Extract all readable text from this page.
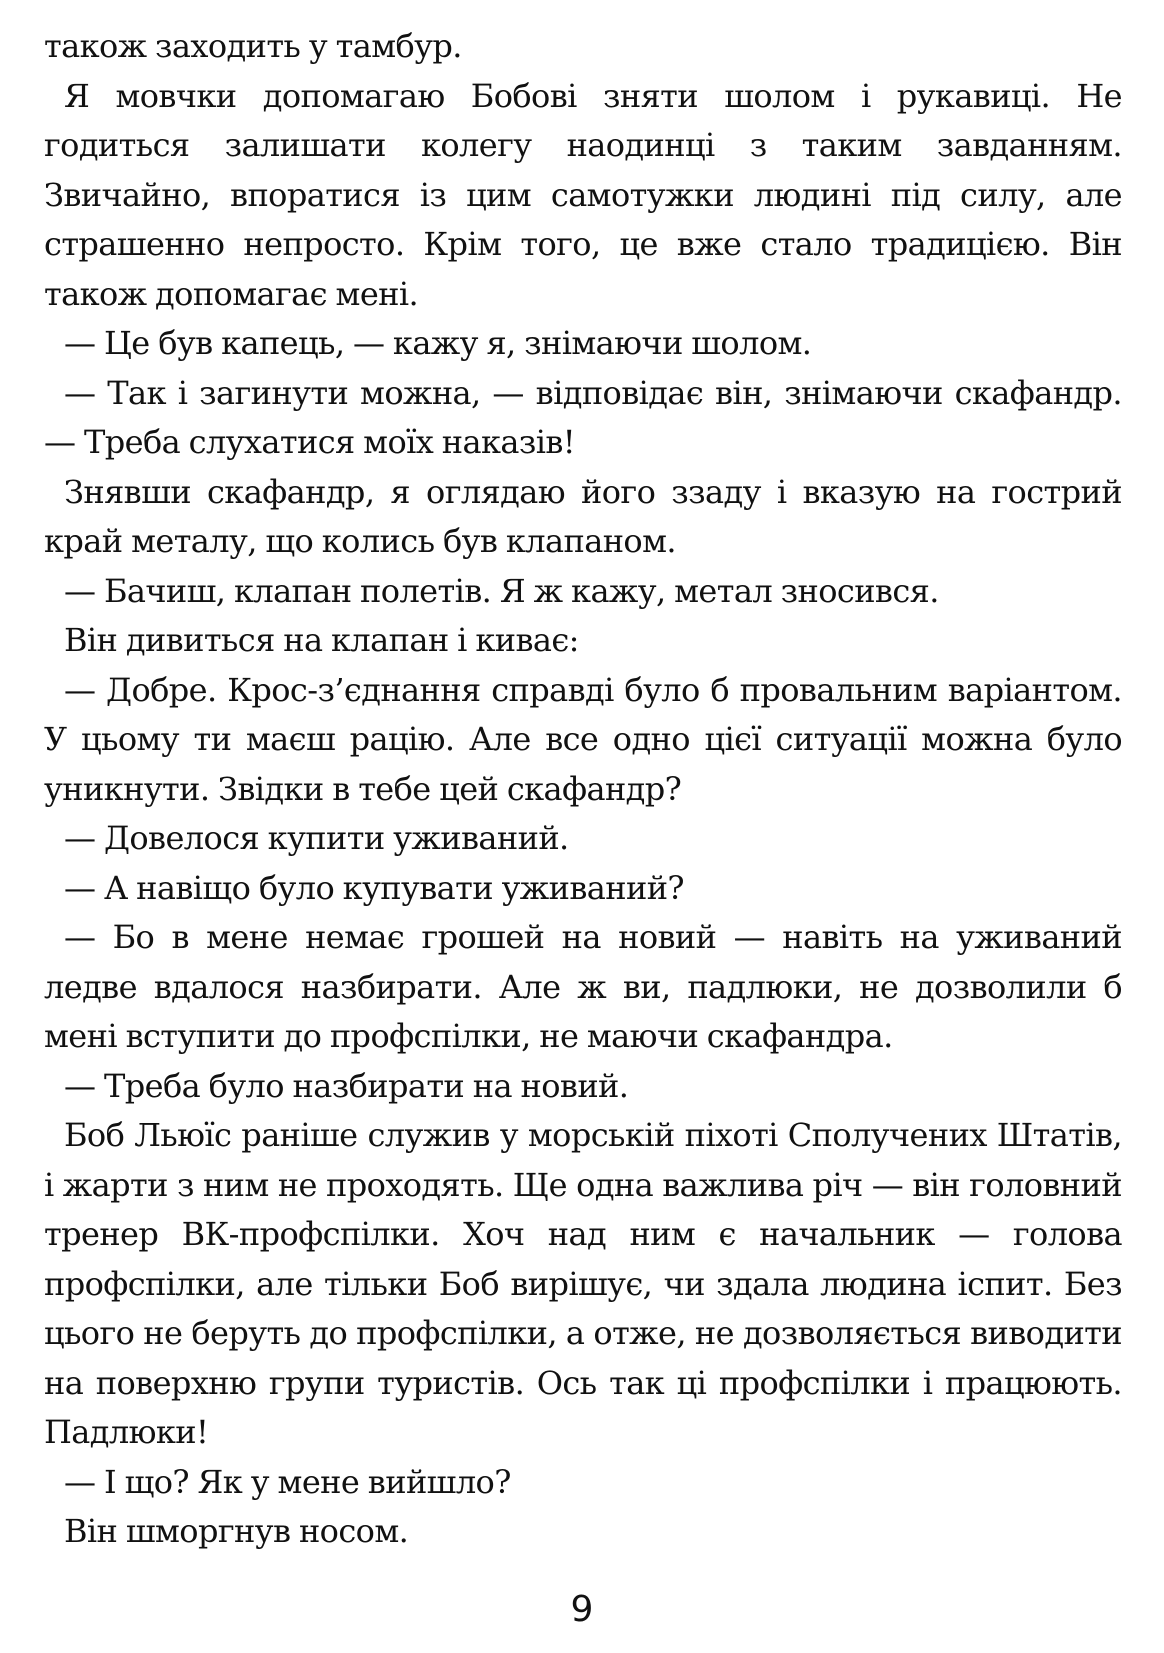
також заходить у тамбур.

Я мовчки допомагаю Бобові зняти шолом і рукавиці. Не годиться залишати колегу наодинці з таким завданням. Звичайно, впоратися із цим самотужки людині під силу, але страшенно непросто. Крім того, це вже стало традицією. Він також допомагає мені.

— Це був капець, — кажу я, знімаючи шолом.

— Так і загинути можна, — відповідає він, знімаючи скафандр. — Треба слухатися моїх наказів!

Знявши скафандр, я оглядаю його ззаду і вказую на гострий край металу, що колись був клапаном.

— Бачиш, клапан полетів. Я ж кажу, метал зносився.

Він дивиться на клапан і киває:

— Добре. Крос-з’єднання справді було б провальним варіантом. У цьому ти маєш рацію. Але все одно цієї ситуації можна було уникнути. Звідки в тебе цей скафандр?

— Довелося купити уживаний.

— А навіщо було купувати уживаний?

— Бо в мене немає грошей на новий — навіть на уживаний ледве вдалося назбирати. Але ж ви, падлюки, не дозволили б мені вступити до профспілки, не маючи скафандра.

— Треба було назбирати на новий.

Боб Льюїс раніше служив у морській піхоті Сполучених Штатів, і жарти з ним не проходять. Ще одна важлива річ — він головний тренер ВК-профспілки. Хоч над ним є начальник — голова профспілки, але тільки Боб вирішує, чи здала людина іспит. Без цього не беруть до профспілки, а отже, не дозволяється виводити на поверхню групи туристів. Ось так ці профспілки і працюють. Падлюки!

— І що? Як у мене вийшло?

Він шморгнув носом.

9
